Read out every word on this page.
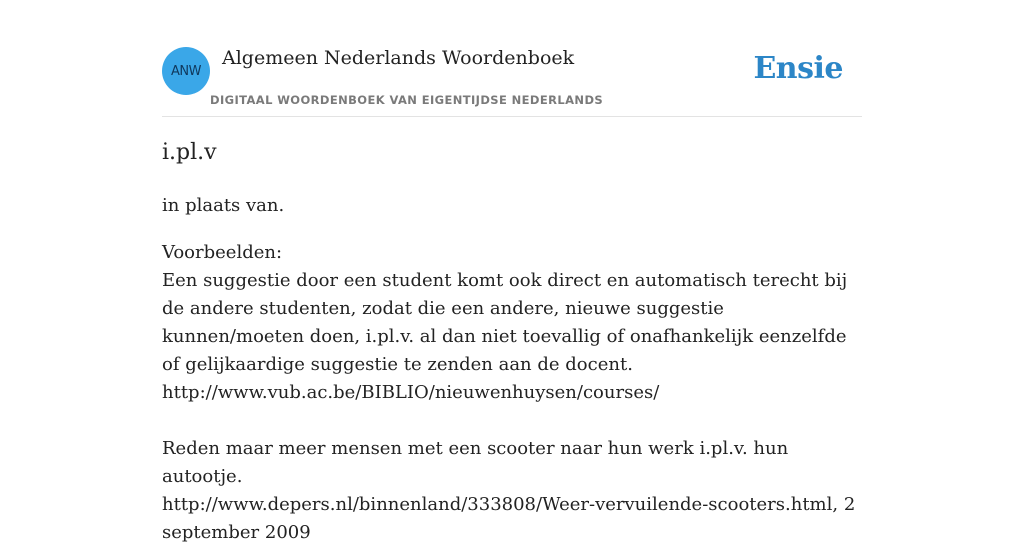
ANW
Algemeen Nederlands Woordenboek
DIGITAAL WOORDENBOEK VAN EIGENTIJDSE NEDERLANDS
Ensie
i.pl.v

in plaats van.

Voorbeelden:

Een suggestie door een student komt ook direct en automatisch terecht bij de andere studenten, zodat die een andere, nieuwe suggestie kunnen/moeten doen, i.pl.v. al dan niet toevallig of onafhankelijk eenzelfde of gelijkaardige suggestie te zenden aan de docent.

http://www.vub.ac.be/BIBLIO/nieuwenhuysen/courses/

Reden maar meer mensen met een scooter naar hun werk i.pl.v. hun autootje.

http://www.depers.nl/binnenland/333808/Weer-vervuilende-scooters.html, 2 september 2009
